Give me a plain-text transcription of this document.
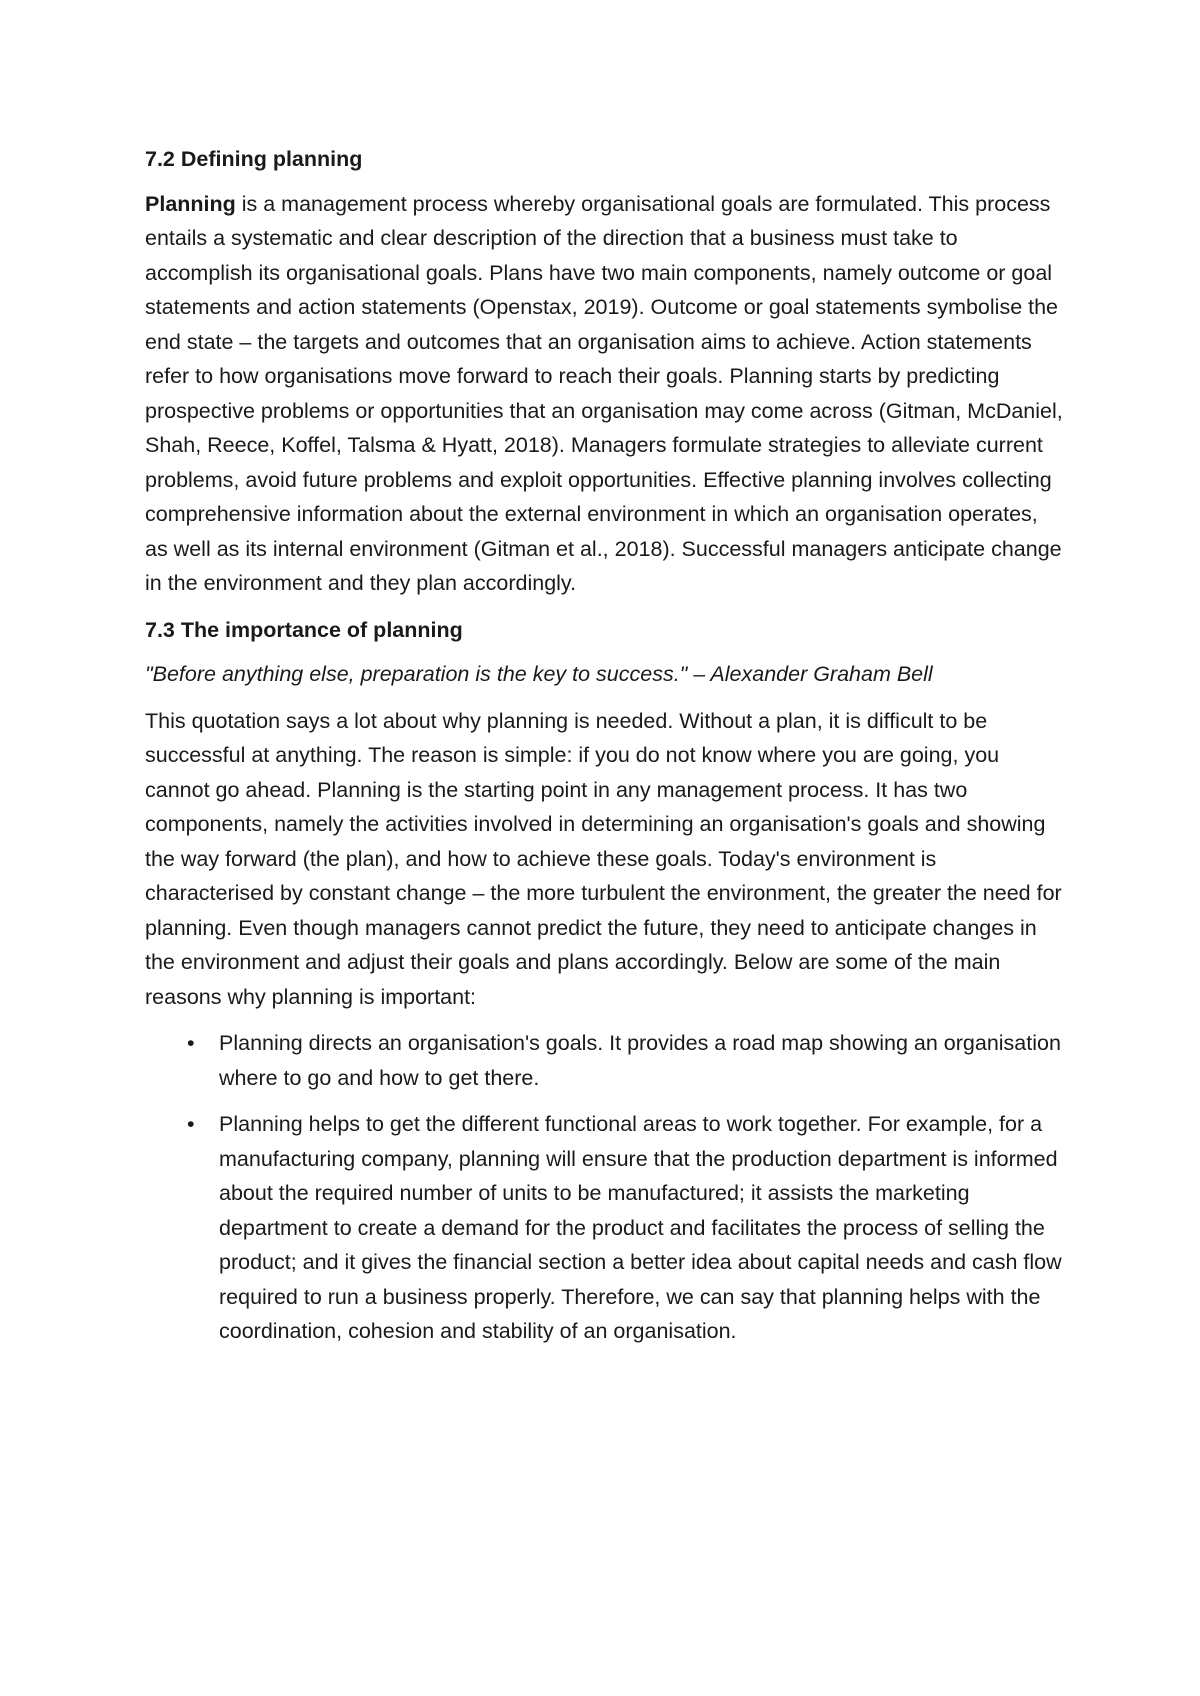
7.2 Defining planning

Planning is a management process whereby organisational goals are formulated. This process entails a systematic and clear description of the direction that a business must take to accomplish its organisational goals. Plans have two main components, namely outcome or goal statements and action statements (Openstax, 2019). Outcome or goal statements symbolise the end state – the targets and outcomes that an organisation aims to achieve. Action statements refer to how organisations move forward to reach their goals. Planning starts by predicting prospective problems or opportunities that an organisation may come across (Gitman, McDaniel, Shah, Reece, Koffel, Talsma & Hyatt, 2018). Managers formulate strategies to alleviate current problems, avoid future problems and exploit opportunities. Effective planning involves collecting comprehensive information about the external environment in which an organisation operates, as well as its internal environment (Gitman et al., 2018). Successful managers anticipate change in the environment and they plan accordingly.

7.3 The importance of planning

"Before anything else, preparation is the key to success." – Alexander Graham Bell

This quotation says a lot about why planning is needed. Without a plan, it is difficult to be successful at anything. The reason is simple: if you do not know where you are going, you cannot go ahead. Planning is the starting point in any management process. It has two components, namely the activities involved in determining an organisation's goals and showing the way forward (the plan), and how to achieve these goals. Today's environment is characterised by constant change – the more turbulent the environment, the greater the need for planning. Even though managers cannot predict the future, they need to anticipate changes in the environment and adjust their goals and plans accordingly. Below are some of the main reasons why planning is important:

• Planning directs an organisation's goals. It provides a road map showing an organisation where to go and how to get there.
• Planning helps to get the different functional areas to work together. For example, for a manufacturing company, planning will ensure that the production department is informed about the required number of units to be manufactured; it assists the marketing department to create a demand for the product and facilitates the process of selling the product; and it gives the financial section a better idea about capital needs and cash flow required to run a business properly. Therefore, we can say that planning helps with the coordination, cohesion and stability of an organisation.
